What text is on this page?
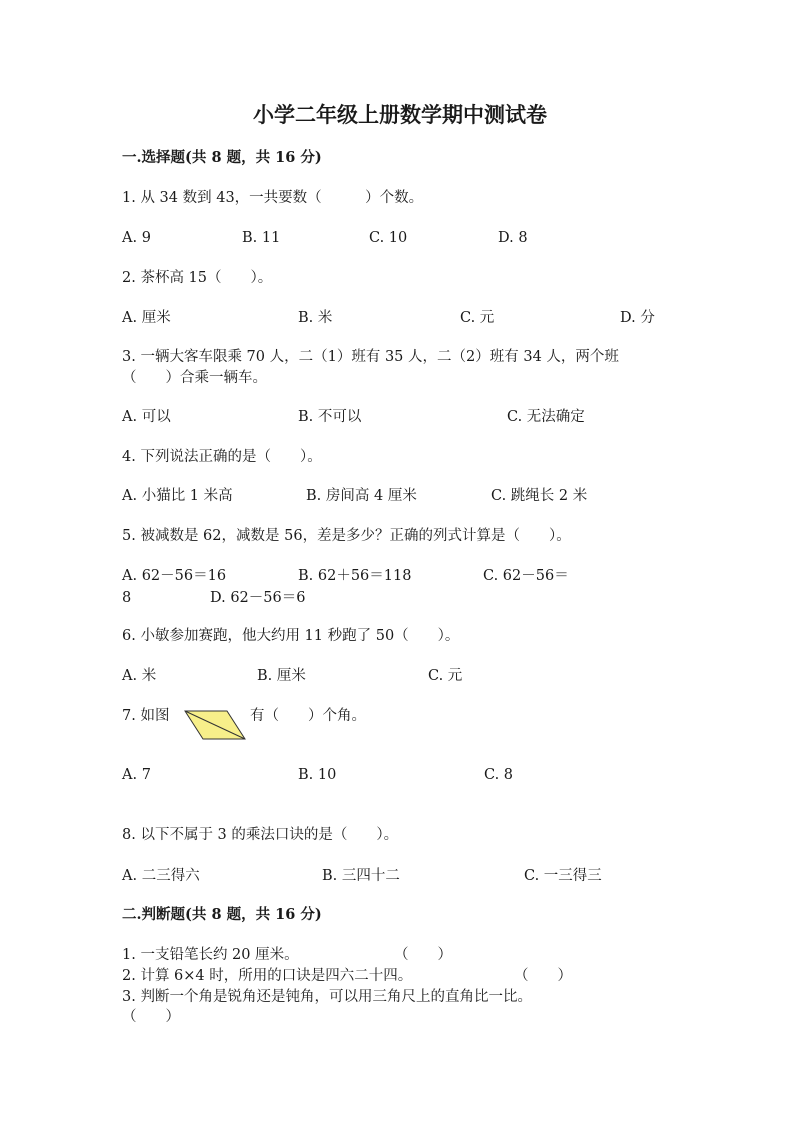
小学二年级上册数学期中测试卷
一.选择题(共 8 题，共 16 分)
1. 从 34 数到 43，一共要数（　　　）个数。
A. 9	B. 11	C. 10	D. 8
2. 茶杯高 15（　　）。
A. 厘米	B. 米	C. 元	D. 分
3. 一辆大客车限乘 70 人，二（1）班有 35 人，二（2）班有 34 人，两个班
（　　）合乘一辆车。
A. 可以	B. 不可以	C. 无法确定
4. 下列说法正确的是（　　）。
A. 小猫比 1 米高	B. 房间高 4 厘米	C. 跳绳长 2 米
5. 被减数是 62，减数是 56，差是多少？正确的列式计算是（　　）。
A. 62－56＝16	B. 62＋56＝118	C. 62－56＝
8	D. 62－56＝6
6. 小敏参加赛跑，他大约用 11 秒跑了 50（　　）。
A. 米	B. 厘米	C. 元
7. 如图	有（　　）个角。
A. 7	B. 10	C. 8
8. 以下不属于 3 的乘法口诀的是（　　）。
A. 二三得六	B. 三四十二	C. 一三得三
二.判断题(共 8 题，共 16 分)
1. 一支铅笔长约 20 厘米。	（　　）
2. 计算 6×4 时，所用的口诀是四六二十四。	（　　）
3. 判断一个角是锐角还是钝角，可以用三角尺上的直角比一比。
（　　）
